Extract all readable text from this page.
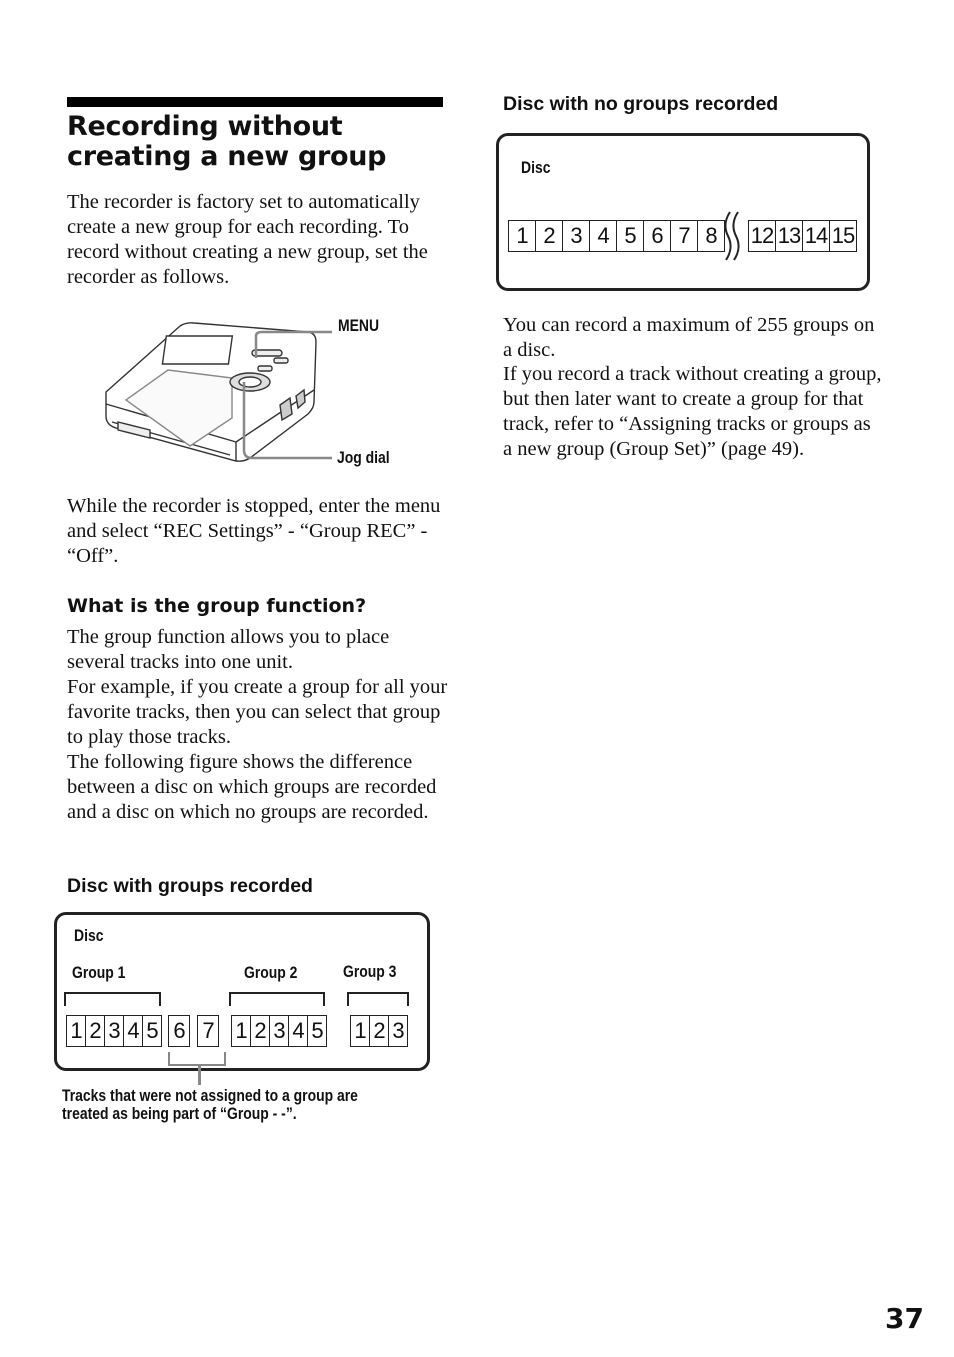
Recording without
creating a new group

The recorder is factory set to automatically create a new group for each recording. To record without creating a new group, set the recorder as follows.

MENU
Jog dial

While the recorder is stopped, enter the menu and select “REC Settings” - “Group REC” - “Off”.

What is the group function?

The group function allows you to place several tracks into one unit.
For example, if you create a group for all your favorite tracks, then you can select that group to play those tracks.
The following figure shows the difference between a disc on which groups are recorded and a disc on which no groups are recorded.

Disc with groups recorded
Disc
Group 1	Group 2	Group 3
1 2 3 4 5 6 7 1 2 3 4 5 1 2 3
Tracks that were not assigned to a group are
treated as being part of “Group - -”.
Disc with no groups recorded
Disc
1 2 3 4 5 6 7 8	12 13 14 15

You can record a maximum of 255 groups on a disc.

If you record a track without creating a group, but then later want to create a group for that track, refer to “Assigning tracks or groups as a new group (Group Set)” (page 49).

37
